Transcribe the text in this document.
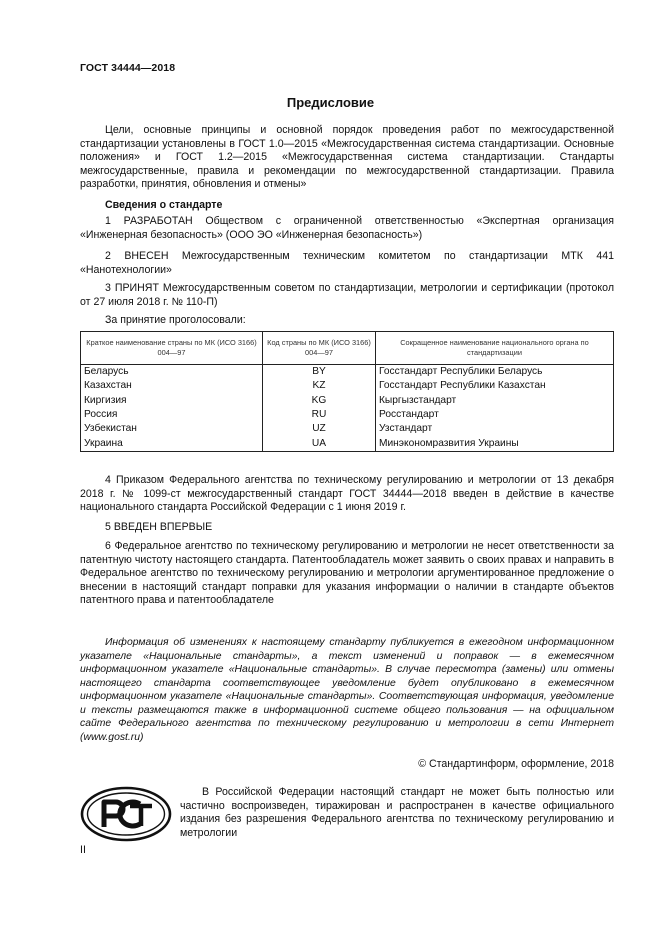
ГОСТ 34444—2018
Предисловие
Цели, основные принципы и основной порядок проведения работ по межгосударственной стандартизации установлены в ГОСТ 1.0—2015 «Межгосударственная система стандартизации. Основные положения» и ГОСТ 1.2—2015 «Межгосударственная система стандартизации. Стандарты межгосударственные, правила и рекомендации по межгосударственной стандартизации. Правила разработки, принятия, обновления и отмены»
Сведения о стандарте
1 РАЗРАБОТАН Обществом с ограниченной ответственностью «Экспертная организация «Инженерная безопасность» (ООО ЭО «Инженерная безопасность»)
2 ВНЕСЕН Межгосударственным техническим комитетом по стандартизации МТК 441 «Нанотехнологии»
3 ПРИНЯТ Межгосударственным советом по стандартизации, метрологии и сертификации (протокол от 27 июля 2018 г. № 110-П)
За принятие проголосовали:
Краткое наименование страны по МК (ИСО 3166) 004—97	Код страны по МК (ИСО 3166) 004—97	Сокращенное наименование национального органа по стандартизации
Беларусь	BY	Госстандарт Республики Беларусь
Казахстан	KZ	Госстандарт Республики Казахстан
Киргизия	KG	Кыргызстандарт
Россия	RU	Росстандарт
Узбекистан	UZ	Узстандарт
Украина	UA	Минэкономразвития Украины
4 Приказом Федерального агентства по техническому регулированию и метрологии от 13 декабря 2018 г. № 1099-ст межгосударственный стандарт ГОСТ 34444—2018 введен в действие в качестве национального стандарта Российской Федерации с 1 июня 2019 г.
5 ВВЕДЕН ВПЕРВЫЕ
6 Федеральное агентство по техническому регулированию и метрологии не несет ответственности за патентную чистоту настоящего стандарта. Патентообладатель может заявить о своих правах и направить в Федеральное агентство по техническому регулированию и метрологии аргументированное предложение о внесении в настоящий стандарт поправки для указания информации о наличии в стандарте объектов патентного права и патентообладателе
Информация об изменениях к настоящему стандарту публикуется в ежегодном информационном указателе «Национальные стандарты», а текст изменений и поправок — в ежемесячном информационном указателе «Национальные стандарты». В случае пересмотра (замены) или отмены настоящего стандарта соответствующее уведомление будет опубликовано в ежемесячном информационном указателе «Национальные стандарты». Соответствующая информация, уведомление и тексты размещаются также в информационной системе общего пользования — на официальном сайте Федерального агентства по техническому регулированию и метрологии в сети Интернет (www.gost.ru)
© Стандартинформ, оформление, 2018
В Российской Федерации настоящий стандарт не может быть полностью или частично воспроизведен, тиражирован и распространен в качестве официального издания без разрешения Федерального агентства по техническому регулированию и метрологии
II
